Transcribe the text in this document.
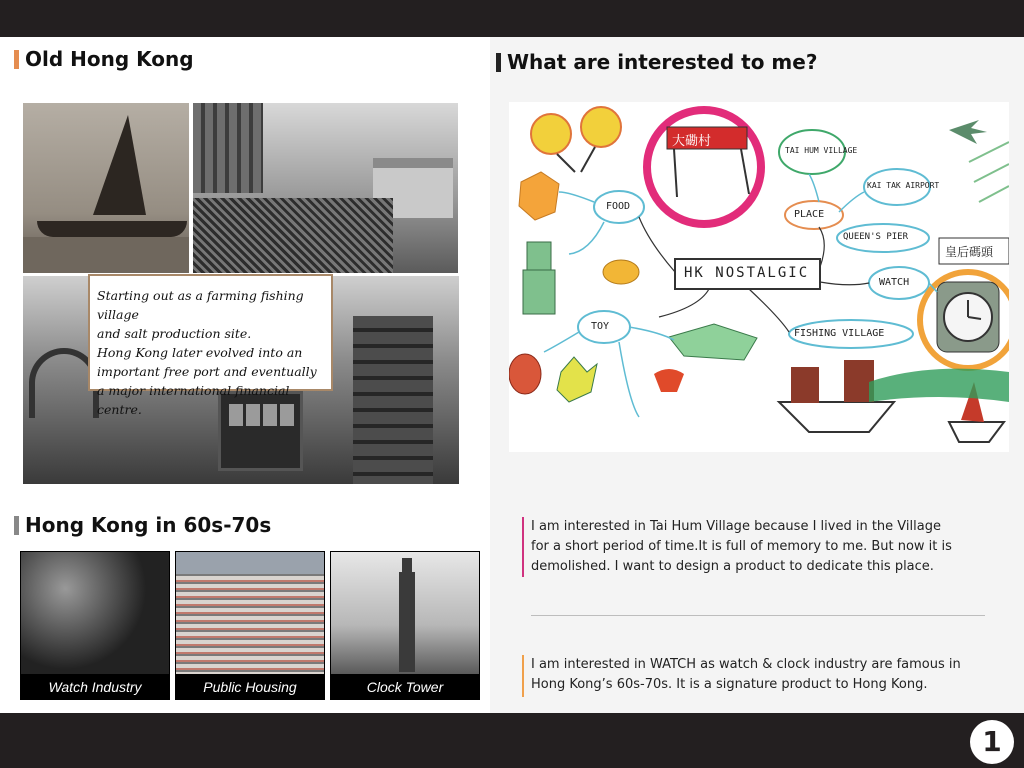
Old Hong Kong
Starting out as a farming fishing village
and salt production site.
Hong Kong later evolved into an
important free port and eventually
a major international financial centre.
Hong Kong in 60s-70s
Watch Industry	Public Housing	Clock Tower
What are interested to me?
FOOD
PLACE
TAI HUM VILLAGE
KAI TAK AIRPORT
QUEEN'S PIER
HK NOSTALGIC
WATCH
TOY
FISHING VILLAGE
大磡村
皇后碼頭
I am interested in Tai Hum Village because I lived in the Village for a short period of time.It is full of memory to me. But now it is demolished. I want to design a product to dedicate this place.
I am interested in WATCH as watch & clock industry are famous in Hong Kong’s 60s-70s. It is a signature product to Hong Kong.
1
